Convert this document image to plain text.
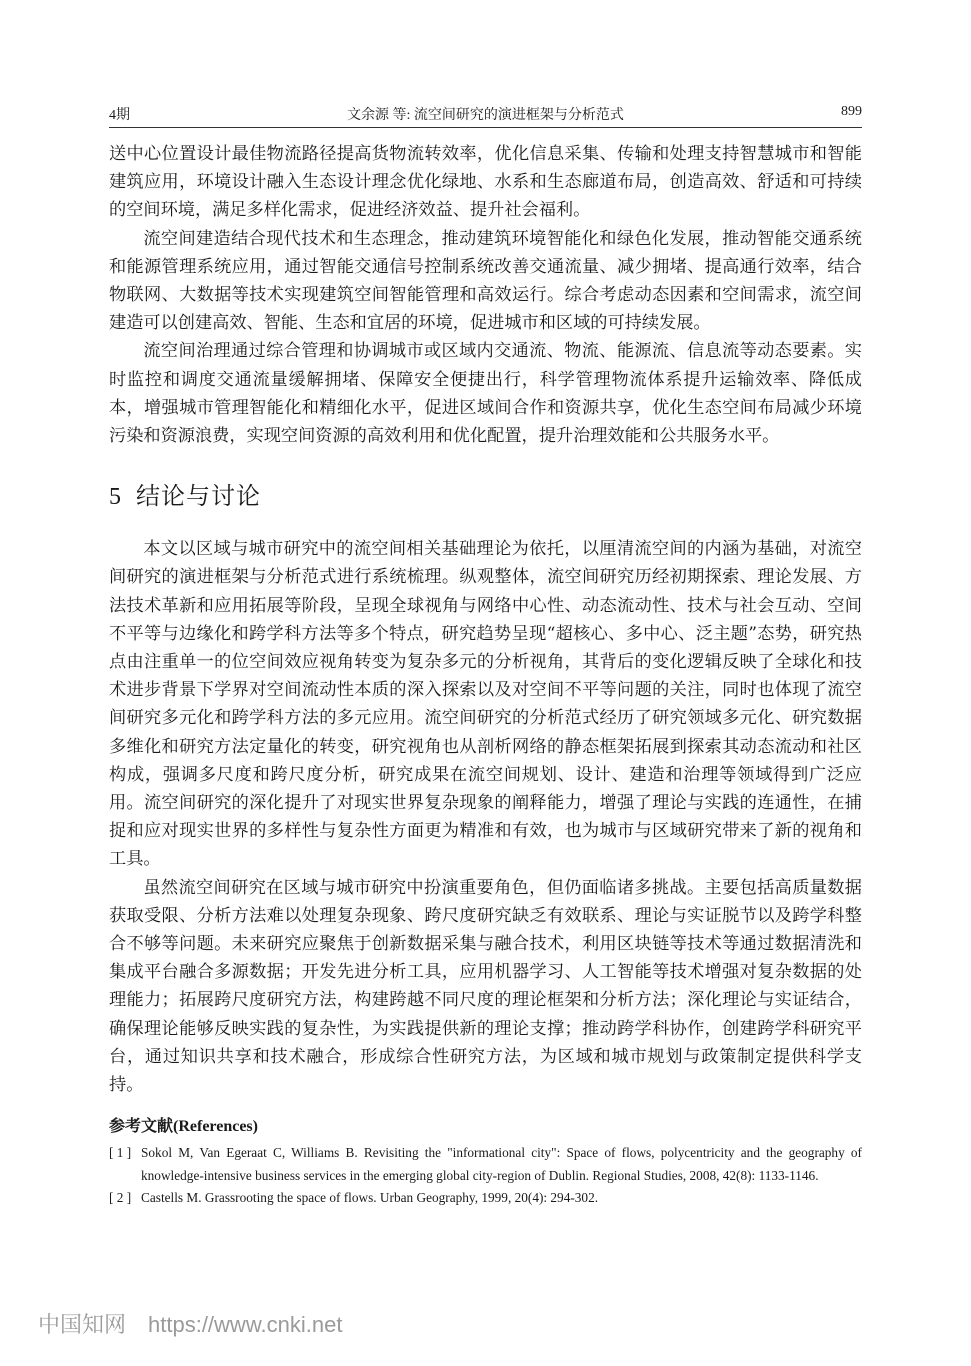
4期	文余源 等: 流空间研究的演进框架与分析范式	899

送中心位置设计最佳物流路径提高货物流转效率，优化信息采集、传输和处理支持智慧城市和智能建筑应用，环境设计融入生态设计理念优化绿地、水系和生态廊道布局，创造高效、舒适和可持续的空间环境，满足多样化需求，促进经济效益、提升社会福利。

流空间建造结合现代技术和生态理念，推动建筑环境智能化和绿色化发展，推动智能交通系统和能源管理系统应用，通过智能交通信号控制系统改善交通流量、减少拥堵、提高通行效率，结合物联网、大数据等技术实现建筑空间智能管理和高效运行。综合考虑动态因素和空间需求，流空间建造可以创建高效、智能、生态和宜居的环境，促进城市和区域的可持续发展。

流空间治理通过综合管理和协调城市或区域内交通流、物流、能源流、信息流等动态要素。实时监控和调度交通流量缓解拥堵、保障安全便捷出行，科学管理物流体系提升运输效率、降低成本，增强城市管理智能化和精细化水平，促进区域间合作和资源共享，优化生态空间布局减少环境污染和资源浪费，实现空间资源的高效利用和优化配置，提升治理效能和公共服务水平。

5 结论与讨论

本文以区域与城市研究中的流空间相关基础理论为依托，以厘清流空间的内涵为基础，对流空间研究的演进框架与分析范式进行系统梳理。纵观整体，流空间研究历经初期探索、理论发展、方法技术革新和应用拓展等阶段，呈现全球视角与网络中心性、动态流动性、技术与社会互动、空间不平等与边缘化和跨学科方法等多个特点，研究趋势呈现“超核心、多中心、泛主题”态势，研究热点由注重单一的位空间效应视角转变为复杂多元的分析视角，其背后的变化逻辑反映了全球化和技术进步背景下学界对空间流动性本质的深入探索以及对空间不平等问题的关注，同时也体现了流空间研究多元化和跨学科方法的多元应用。流空间研究的分析范式经历了研究领域多元化、研究数据多维化和研究方法定量化的转变，研究视角也从剖析网络的静态框架拓展到探索其动态流动和社区构成，强调多尺度和跨尺度分析，研究成果在流空间规划、设计、建造和治理等领域得到广泛应用。流空间研究的深化提升了对现实世界复杂现象的阐释能力，增强了理论与实践的连通性，在捕捉和应对现实世界的多样性与复杂性方面更为精准和有效，也为城市与区域研究带来了新的视角和工具。

虽然流空间研究在区域与城市研究中扮演重要角色，但仍面临诸多挑战。主要包括高质量数据获取受限、分析方法难以处理复杂现象、跨尺度研究缺乏有效联系、理论与实证脱节以及跨学科整合不够等问题。未来研究应聚焦于创新数据采集与融合技术，利用区块链等技术等通过数据清洗和集成平台融合多源数据；开发先进分析工具，应用机器学习、人工智能等技术增强对复杂数据的处理能力；拓展跨尺度研究方法，构建跨越不同尺度的理论框架和分析方法；深化理论与实证结合，确保理论能够反映实践的复杂性，为实践提供新的理论支撑；推动跨学科协作，创建跨学科研究平台，通过知识共享和技术融合，形成综合性研究方法，为区域和城市规划与政策制定提供科学支持。

参考文献(References)

[ 1 ] Sokol M, Van Egeraat C, Williams B. Revisiting the "informational city": Space of flows, polycentricity and the geography of knowledge-intensive business services in the emerging global city-region of Dublin. Regional Studies, 2008, 42(8): 1133-1146.

[ 2 ] Castells M. Grassrooting the space of flows. Urban Geography, 1999, 20(4): 294-302.

中国知网 https://www.cnki.net
